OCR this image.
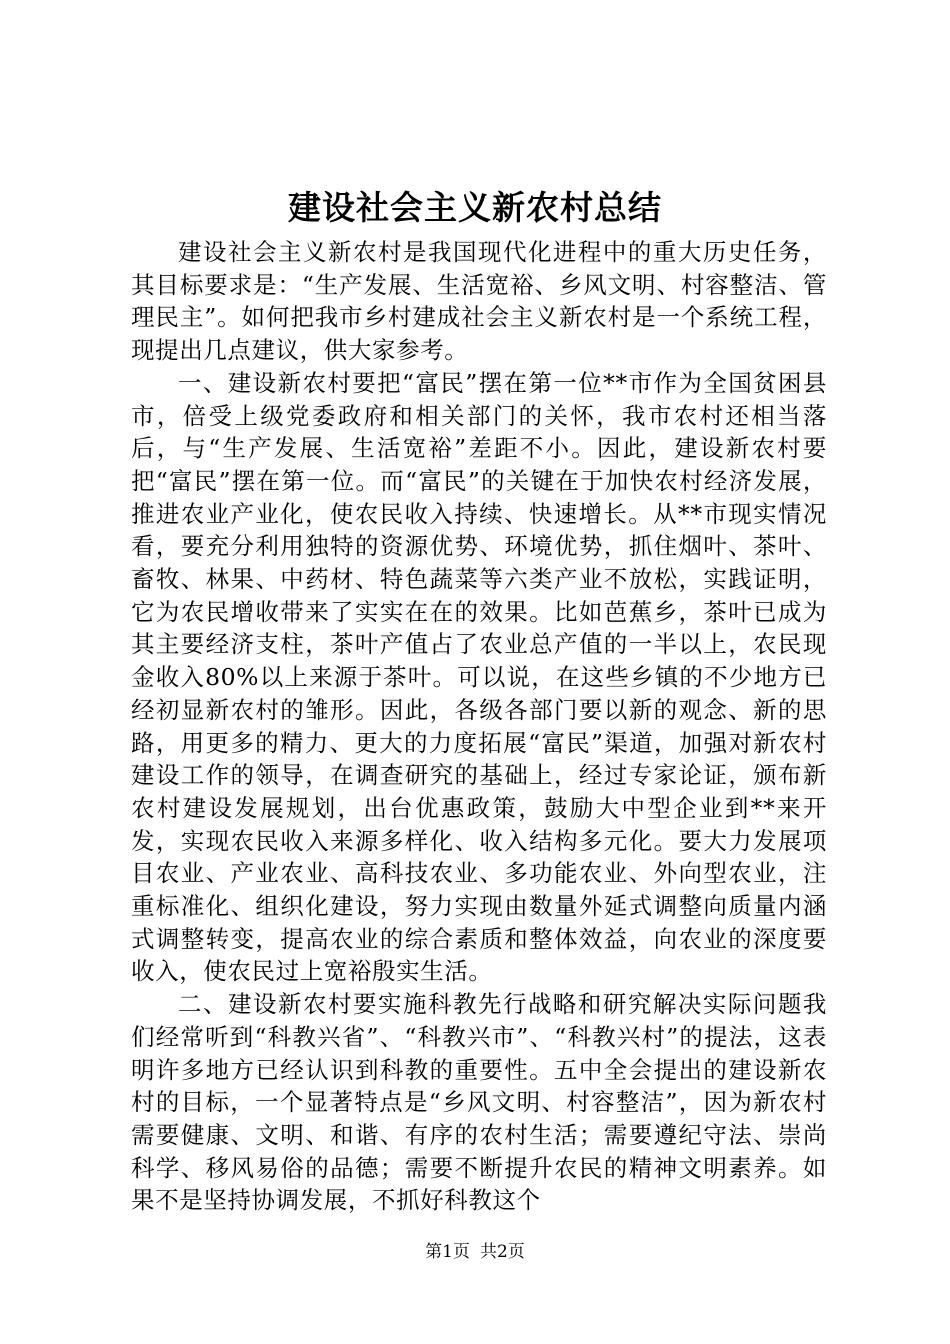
建设社会主义新农村总结

建设社会主义新农村是我国现代化进程中的重大历史任务，其目标要求是：“生产发展、生活宽裕、乡风文明、村容整洁、管理民主”。如何把我市乡村建成社会主义新农村是一个系统工程，现提出几点建议，供大家参考。

一、建设新农村要把“富民”摆在第一位**市作为全国贫困县市，倍受上级党委政府和相关部门的关怀，我市农村还相当落后，与“生产发展、生活宽裕”差距不小。因此，建设新农村要把“富民”摆在第一位。而“富民”的关键在于加快农村经济发展，推进农业产业化，使农民收入持续、快速增长。从**市现实情况看，要充分利用独特的资源优势、环境优势，抓住烟叶、茶叶、畜牧、林果、中药材、特色蔬菜等六类产业不放松，实践证明，它为农民增收带来了实实在在的效果。比如芭蕉乡，茶叶已成为其主要经济支柱，茶叶产值占了农业总产值的一半以上，农民现金收入80%以上来源于茶叶。可以说，在这些乡镇的不少地方已经初显新农村的雏形。因此，各级各部门要以新的观念、新的思路，用更多的精力、更大的力度拓展“富民”渠道，加强对新农村建设工作的领导，在调查研究的基础上，经过专家论证，颁布新农村建设发展规划，出台优惠政策，鼓励大中型企业到**来开发，实现农民收入来源多样化、收入结构多元化。要大力发展项目农业、产业农业、高科技农业、多功能农业、外向型农业，注重标准化、组织化建设，努力实现由数量外延式调整向质量内涵式调整转变，提高农业的综合素质和整体效益，向农业的深度要收入，使农民过上宽裕殷实生活。

二、建设新农村要实施科教先行战略和研究解决实际问题我们经常听到“科教兴省”、“科教兴市”、“科教兴村”的提法，这表明许多地方已经认识到科教的重要性。五中全会提出的建设新农村的目标，一个显著特点是“乡风文明、村容整洁”，因为新农村需要健康、文明、和谐、有序的农村生活；需要遵纪守法、崇尚科学、移风易俗的品德；需要不断提升农民的精神文明素养。如果不是坚持协调发展，不抓好科教这个

第1页 共2页
